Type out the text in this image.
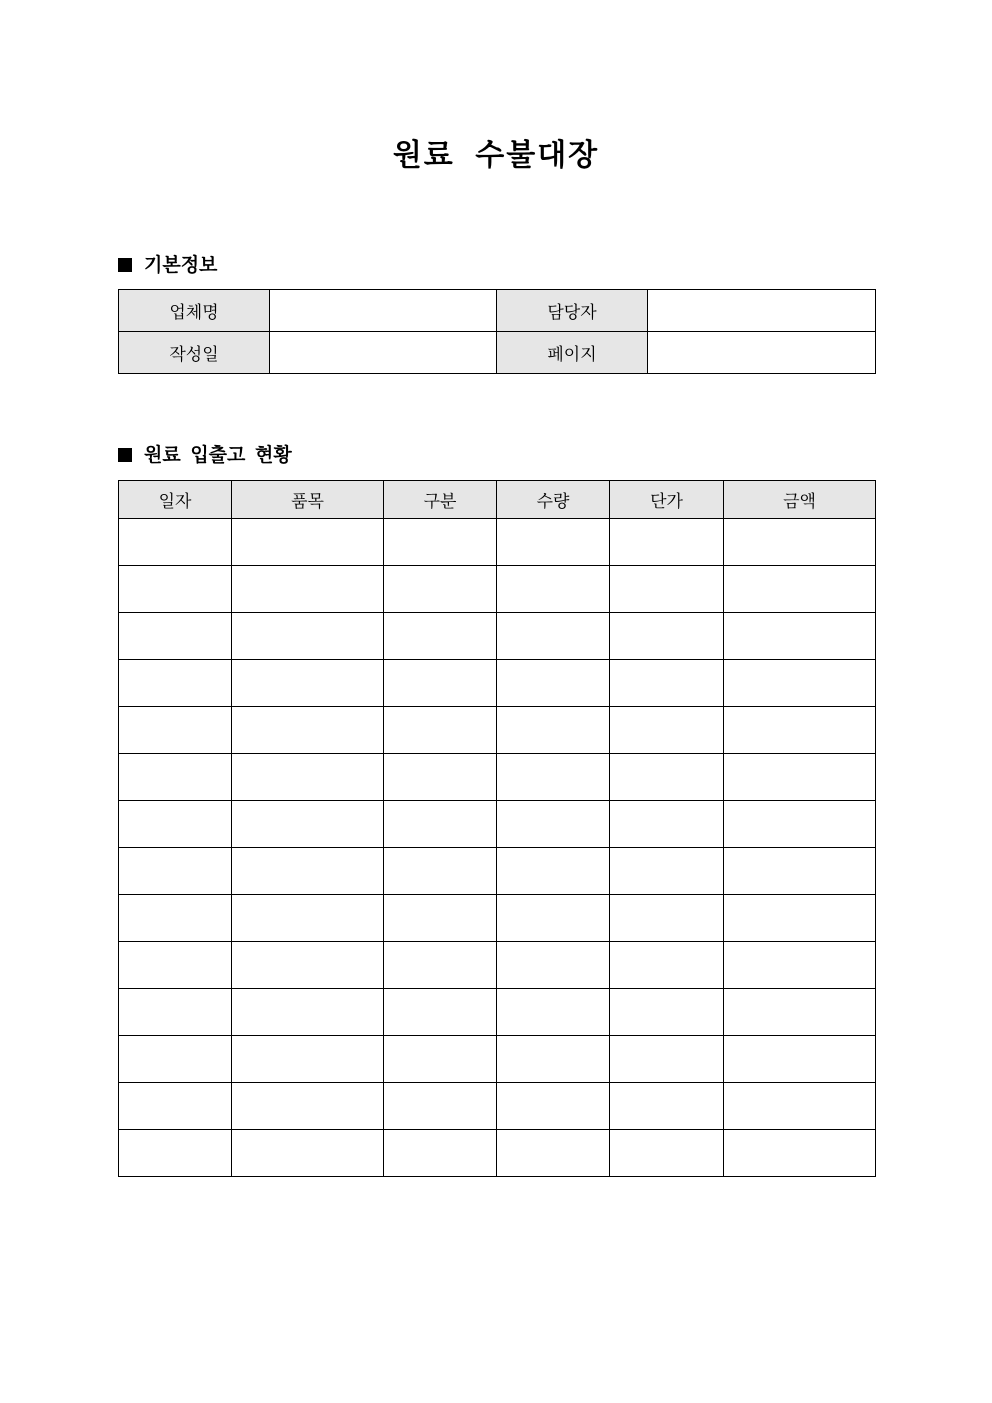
원료 수불대장
기본정보
업체명		담당자	
작성일		페이지	
원료 입출고 현황
일자	품목	구분	수량	단가	금액
